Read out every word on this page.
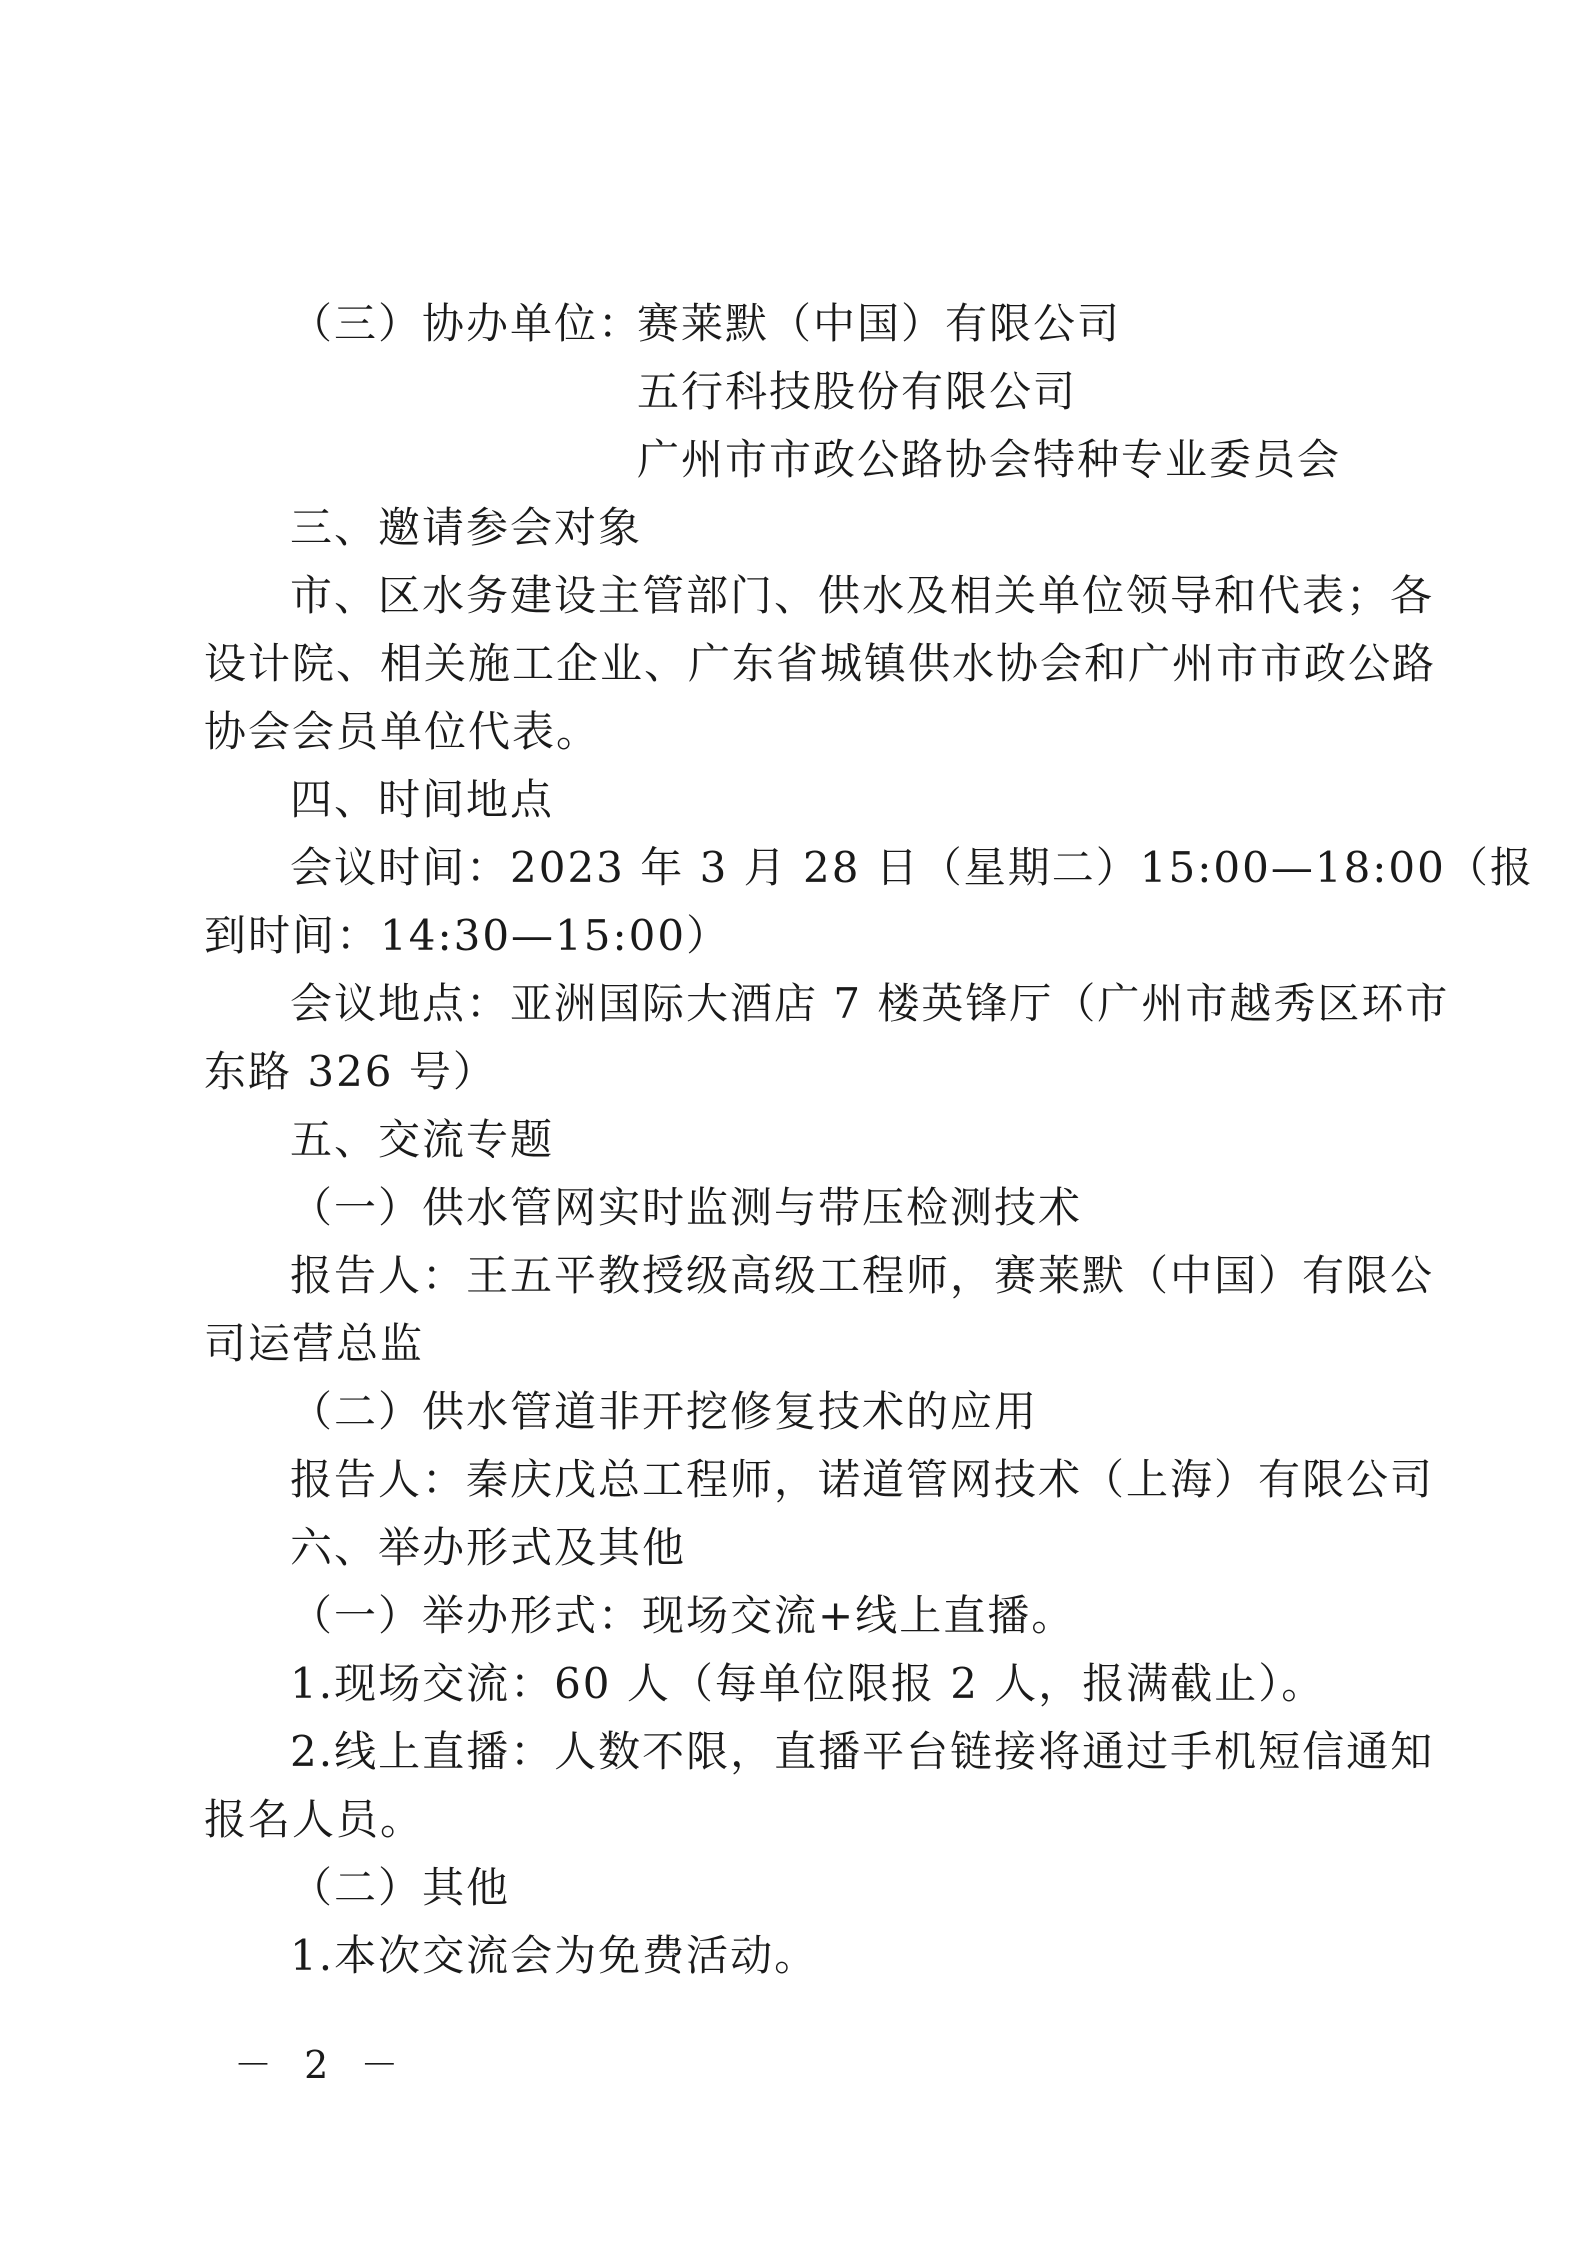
（三）协办单位：
赛莱默（中国）有限公司
五行科技股份有限公司
广州市市政公路协会特种专业委员会
三、邀请参会对象
市、区水务建设主管部门、供水及相关单位领导和代表；各
设计院、相关施工企业、广东省城镇供水协会和广州市市政公路
协会会员单位代表。
四、时间地点
会议时间：2023 年 3 月 28 日（星期二）15:00—18:00（报
到时间：14:30—15:00）
会议地点：亚洲国际大酒店 7 楼英锋厅（广州市越秀区环市
东路 326 号）
五、交流专题
（一）供水管网实时监测与带压检测技术
报告人：王五平教授级高级工程师，赛莱默（中国）有限公
司运营总监
（二）供水管道非开挖修复技术的应用
报告人：秦庆戊总工程师，诺道管网技术（上海）有限公司
六、举办形式及其他
（一）举办形式：现场交流+线上直播。
1.现场交流：60 人（每单位限报 2 人，报满截止）。
2.线上直播：人数不限，直播平台链接将通过手机短信通知
报名人员。
（二）其他
1.本次交流会为免费活动。
－ 2 －
